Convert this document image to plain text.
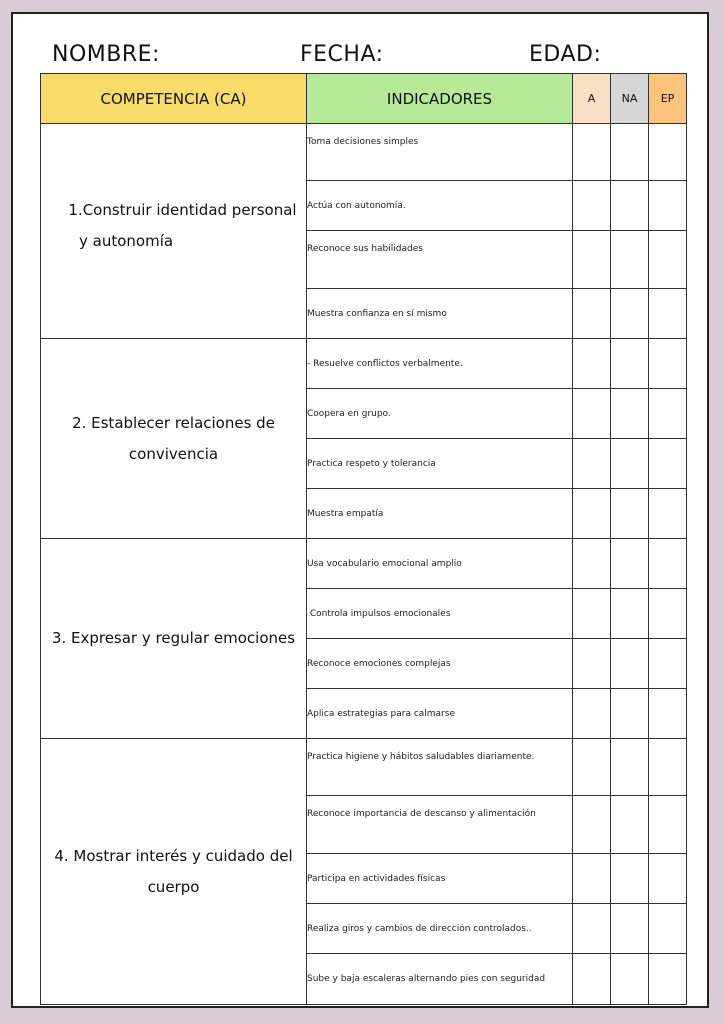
NOMBRE:	FECHA:	EDAD:
COMPETENCIA (CA)	INDICADORES	A	NA	EP

1.Construir identidad personal
y autonomía	Toma decisiones simples			
	Actúa con autonomía.			
	Reconoce sus habilidades			
	Muestra confianza en sí mismo			

2. Establecer relaciones de
convivencia	- Resuelve conflictos verbalmente.			
	Coopera en grupo.			
	Practica respeto y tolerancia			
	Muestra empatía			

3. Expresar y regular emociones	Usa vocabulario emocional amplio			
	Controla impulsos emocionales			
	Reconoce emociones complejas			
	Aplica estrategias para calmarse			

4. Mostrar interés y cuidado del
cuerpo	Practica higiene y hábitos saludables diariamente.			
	Reconoce importancia de descanso y alimentación			
	Participa en actividades físicas			
	Realiza giros y cambios de dirección controlados..			
	Sube y baja escaleras alternando pies con seguridad			
